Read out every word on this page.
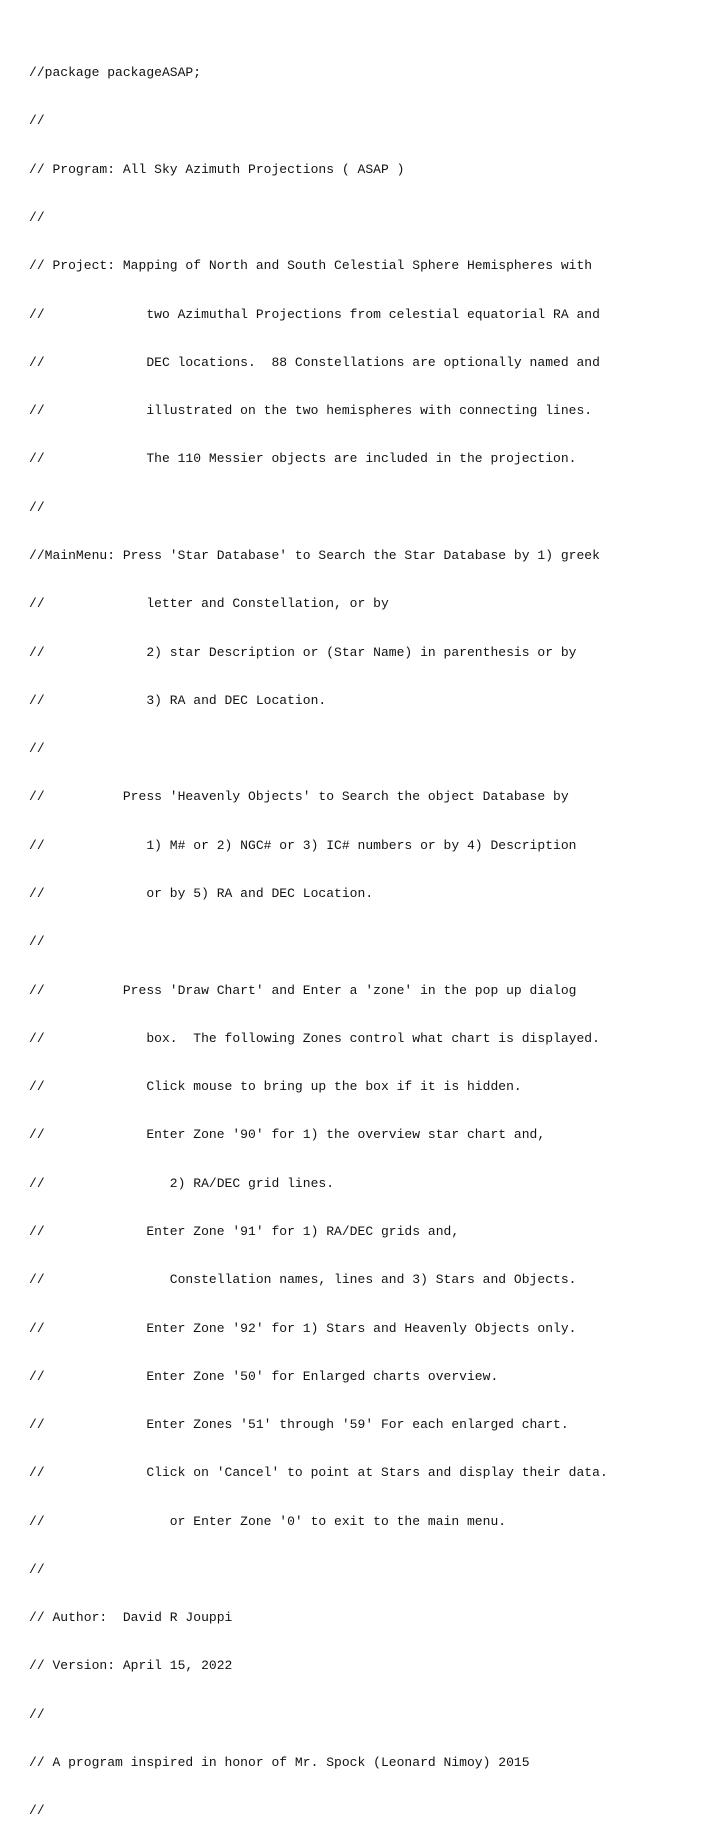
//package packageASAP;

//

// Program: All Sky Azimuth Projections ( ASAP )

//

// Project: Mapping of North and South Celestial Sphere Hemispheres with

//             two Azimuthal Projections from celestial equatorial RA and

//             DEC locations.  88 Constellations are optionally named and

//             illustrated on the two hemispheres with connecting lines.

//             The 110 Messier objects are included in the projection.

//

//MainMenu: Press 'Star Database' to Search the Star Database by 1) greek

//             letter and Constellation, or by

//             2) star Description or (Star Name) in parenthesis or by

//             3) RA and DEC Location.

//

//          Press 'Heavenly Objects' to Search the object Database by

//             1) M# or 2) NGC# or 3) IC# numbers or by 4) Description

//             or by 5) RA and DEC Location.

//

//          Press 'Draw Chart' and Enter a 'zone' in the pop up dialog

//             box.  The following Zones control what chart is displayed.

//             Click mouse to bring up the box if it is hidden.

//             Enter Zone '90' for 1) the overview star chart and,

//                2) RA/DEC grid lines.

//             Enter Zone '91' for 1) RA/DEC grids and,

//                Constellation names, lines and 3) Stars and Objects.

//             Enter Zone '92' for 1) Stars and Heavenly Objects only.

//             Enter Zone '50' for Enlarged charts overview.

//             Enter Zones '51' through '59' For each enlarged chart.

//             Click on 'Cancel' to point at Stars and display their data.

//                or Enter Zone '0' to exit to the main menu.

//

// Author:  David R Jouppi

// Version: April 15, 2022

//

// A program inspired in honor of Mr. Spock (Leonard Nimoy) 2015

//
